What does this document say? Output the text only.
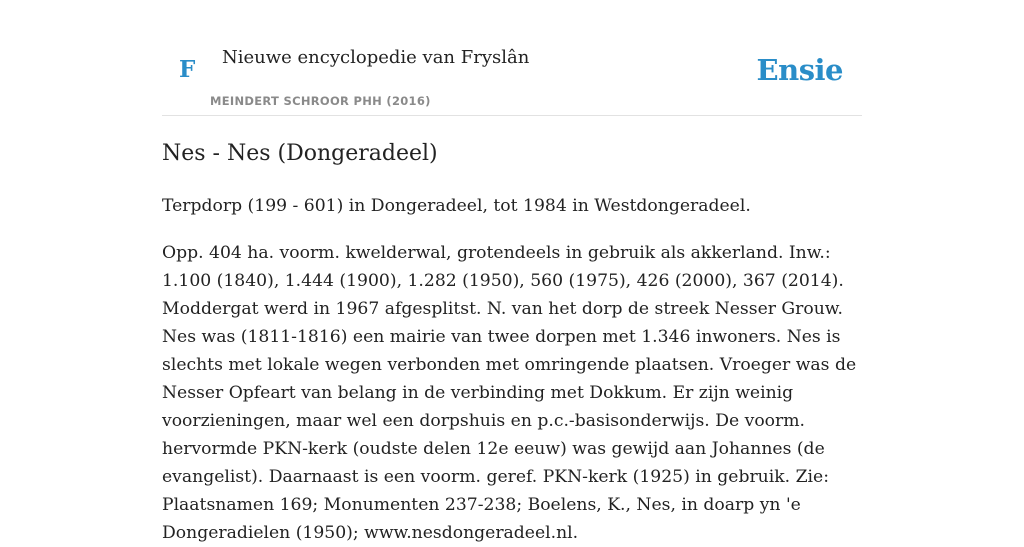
F Nieuwe encyclopedie van Fryslân
MEINDERT SCHROOR PHH (2016)
Ensie
Nes - Nes (Dongeradeel)

Terpdorp (199 - 601) in Dongeradeel, tot 1984 in Westdongeradeel.

Opp. 404 ha. voorm. kwelderwal, grotendeels in gebruik als akkerland. Inw.: 1.100 (1840), 1.444 (1900), 1.282 (1950), 560 (1975), 426 (2000), 367 (2014). Moddergat werd in 1967 afgesplitst. N. van het dorp de streek Nesser Grouw. Nes was (1811-1816) een mairie van twee dorpen met 1.346 inwoners. Nes is slechts met lokale wegen verbonden met omringende plaatsen. Vroeger was de Nesser Opfeart van belang in de verbinding met Dokkum. Er zijn weinig voorzieningen, maar wel een dorpshuis en p.c.-basisonderwijs. De voorm. hervormde PKN-kerk (oudste delen 12e eeuw) was gewijd aan Johannes (de evangelist). Daarnaast is een voorm. geref. PKN-kerk (1925) in gebruik. Zie: Plaatsnamen 169; Monumenten 237-238; Boelens, K., Nes, in doarp yn 'e Dongeradielen (1950); www.nesdongeradeel.nl.
